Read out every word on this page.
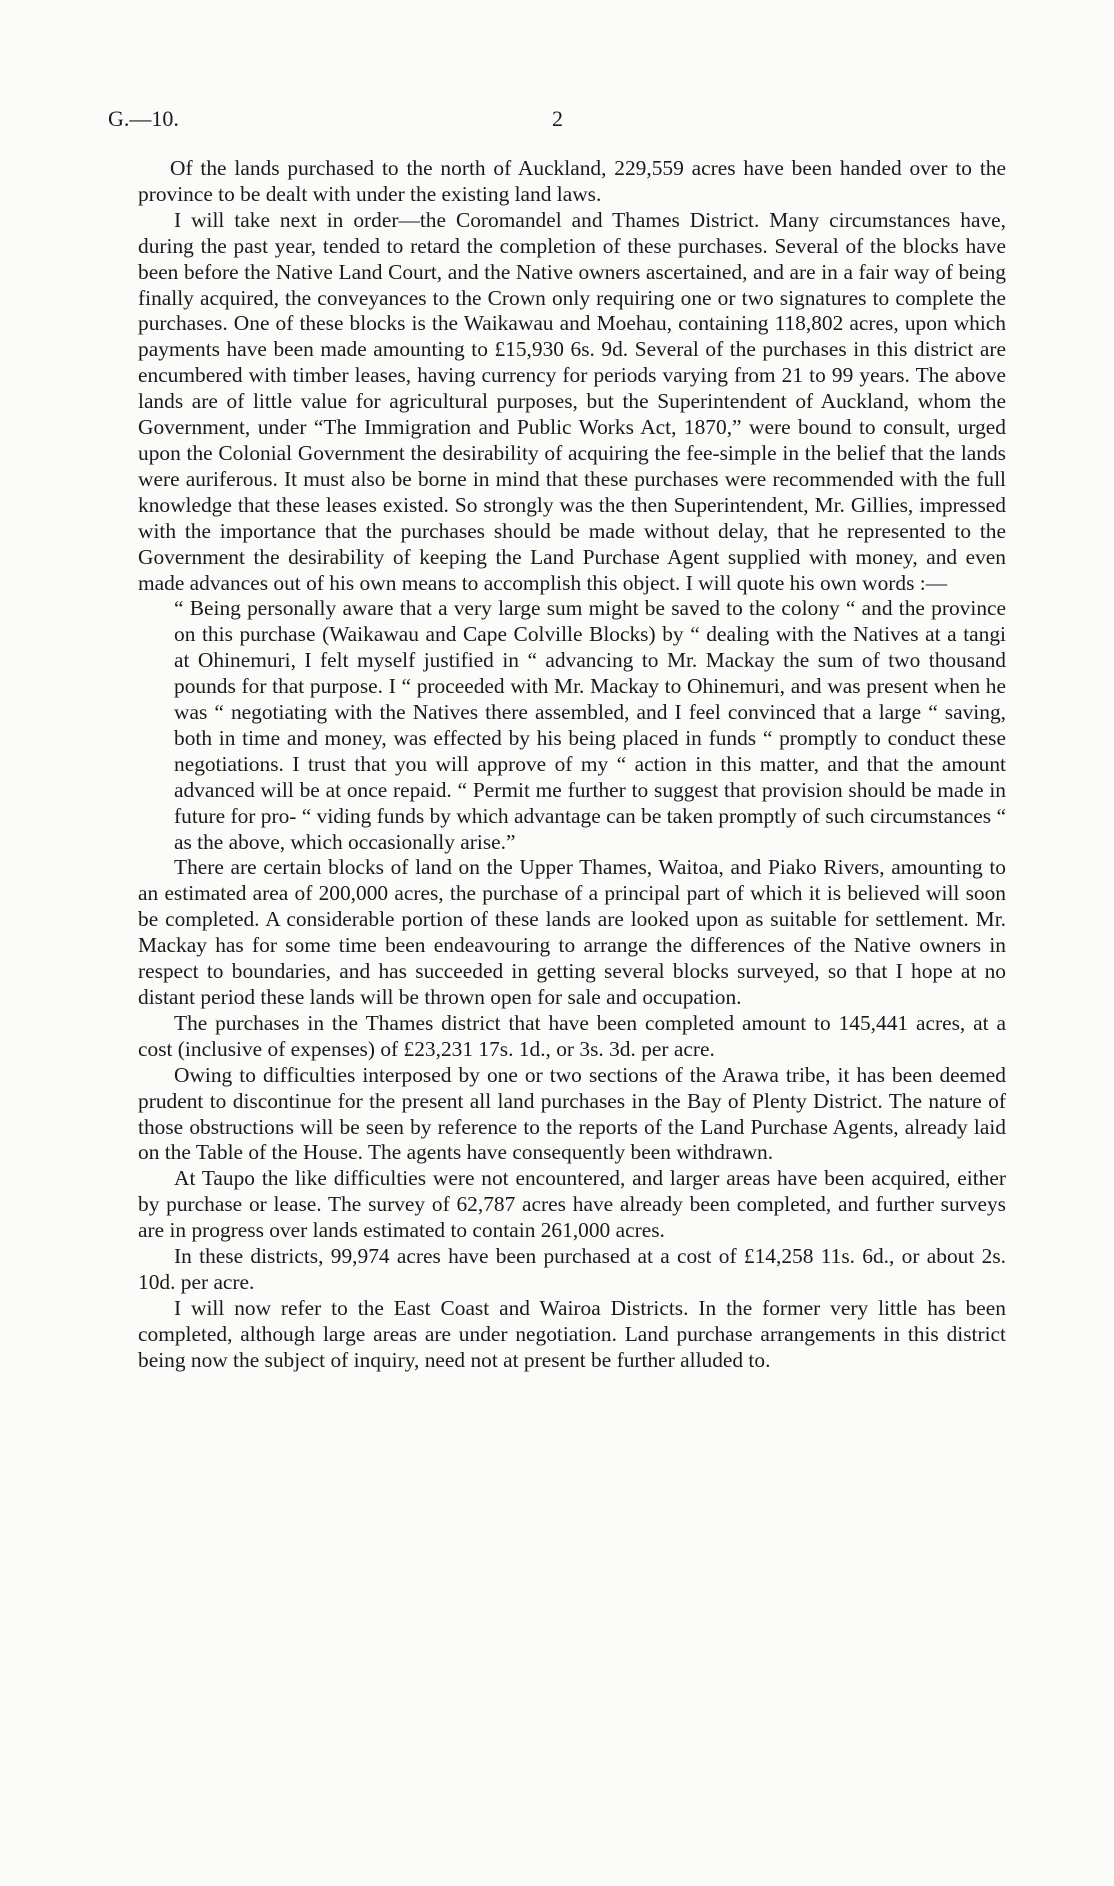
G.—10.	2

Of the lands purchased to the north of Auckland, 229,559 acres have been handed over to the province to be dealt with under the existing land laws.

I will take next in order—the Coromandel and Thames District. Many circumstances have, during the past year, tended to retard the completion of these purchases. Several of the blocks have been before the Native Land Court, and the Native owners ascertained, and are in a fair way of being finally acquired, the conveyances to the Crown only requiring one or two signatures to complete the purchases. One of these blocks is the Waikawau and Moehau, containing 118,802 acres, upon which payments have been made amounting to £15,930 6s. 9d. Several of the purchases in this district are encumbered with timber leases, having currency for periods varying from 21 to 99 years. The above lands are of little value for agricultural purposes, but the Superintendent of Auckland, whom the Government, under “The Immigration and Public Works Act, 1870,” were bound to consult, urged upon the Colonial Government the desirability of acquiring the fee-simple in the belief that the lands were auriferous. It must also be borne in mind that these purchases were recommended with the full knowledge that these leases existed. So strongly was the then Superintendent, Mr. Gillies, impressed with the importance that the purchases should be made without delay, that he represented to the Government the desirability of keeping the Land Purchase Agent supplied with money, and even made advances out of his own means to accomplish this object. I will quote his own words :—

“ Being personally aware that a very large sum might be saved to the colony “ and the province on this purchase (Waikawau and Cape Colville Blocks) by “ dealing with the Natives at a tangi at Ohinemuri, I felt myself justified in “ advancing to Mr. Mackay the sum of two thousand pounds for that purpose. I “ proceeded with Mr. Mackay to Ohinemuri, and was present when he was “ negotiating with the Natives there assembled, and I feel convinced that a large “ saving, both in time and money, was effected by his being placed in funds “ promptly to conduct these negotiations. I trust that you will approve of my “ action in this matter, and that the amount advanced will be at once repaid. “ Permit me further to suggest that provision should be made in future for pro- “ viding funds by which advantage can be taken promptly of such circumstances “ as the above, which occasionally arise.”

There are certain blocks of land on the Upper Thames, Waitoa, and Piako Rivers, amounting to an estimated area of 200,000 acres, the purchase of a principal part of which it is believed will soon be completed. A considerable portion of these lands are looked upon as suitable for settlement. Mr. Mackay has for some time been endeavouring to arrange the differences of the Native owners in respect to boundaries, and has succeeded in getting several blocks surveyed, so that I hope at no distant period these lands will be thrown open for sale and occupation.

The purchases in the Thames district that have been completed amount to 145,441 acres, at a cost (inclusive of expenses) of £23,231 17s. 1d., or 3s. 3d. per acre.

Owing to difficulties interposed by one or two sections of the Arawa tribe, it has been deemed prudent to discontinue for the present all land purchases in the Bay of Plenty District. The nature of those obstructions will be seen by reference to the reports of the Land Purchase Agents, already laid on the Table of the House. The agents have consequently been withdrawn.

At Taupo the like difficulties were not encountered, and larger areas have been acquired, either by purchase or lease. The survey of 62,787 acres have already been completed, and further surveys are in progress over lands estimated to contain 261,000 acres.

In these districts, 99,974 acres have been purchased at a cost of £14,258 11s. 6d., or about 2s. 10d. per acre.

I will now refer to the East Coast and Wairoa Districts. In the former very little has been completed, although large areas are under negotiation. Land purchase arrangements in this district being now the subject of inquiry, need not at present be further alluded to.
